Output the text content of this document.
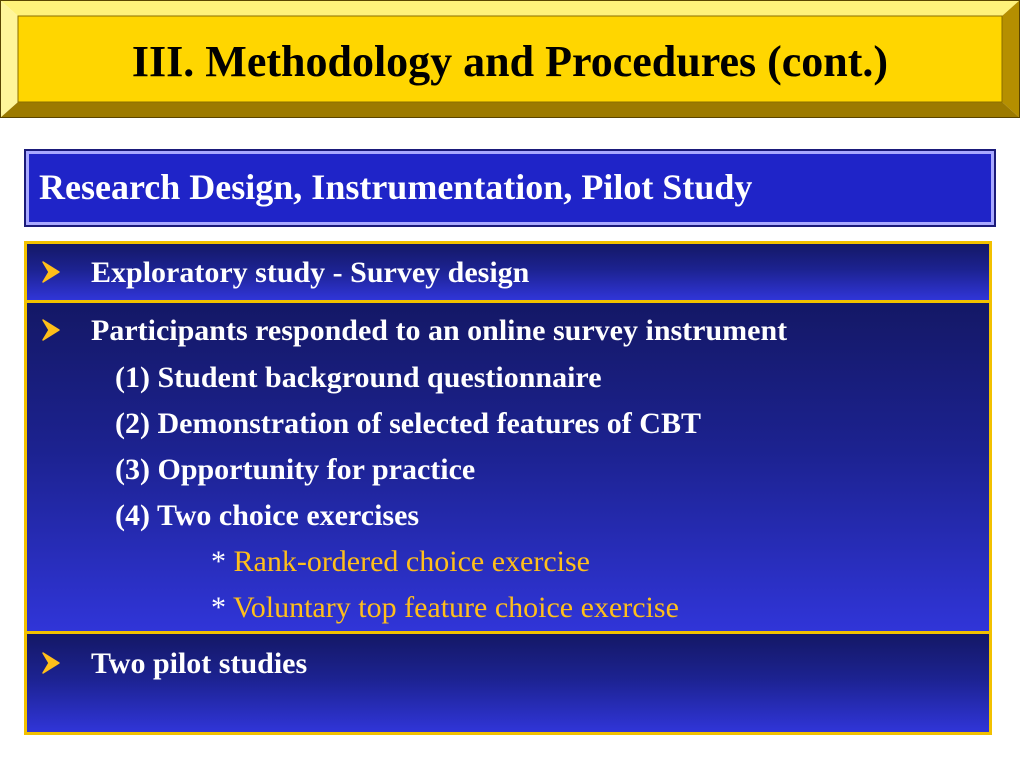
III. Methodology and Procedures (cont.)
Research Design, Instrumentation, Pilot Study
Exploratory study - Survey design
Participants responded to an online survey instrument
(1) Student background questionnaire
(2) Demonstration of selected features of CBT
(3) Opportunity for practice
(4) Two choice exercises
* Rank-ordered choice exercise
* Voluntary top feature choice exercise
Two pilot studies
